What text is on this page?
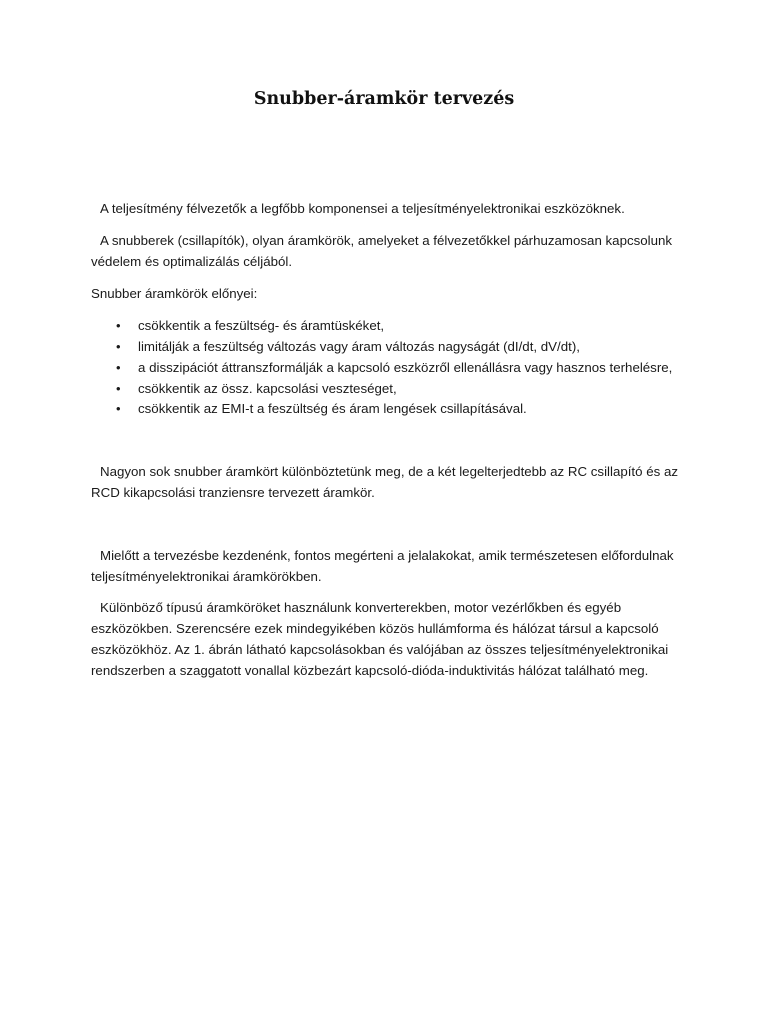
Snubber-áramkör tervezés

A teljesítmény félvezetők a legfőbb komponensei a teljesítményelektronikai eszközöknek.

A snubberek (csillapítók), olyan áramkörök, amelyeket a félvezetőkkel párhuzamosan kapcsolunk védelem és optimalizálás céljából.

Snubber áramkörök előnyei:

• csökkentik a feszültség- és áramtüskéket,
• limitálják a feszültség változás vagy áram változás nagyságát (dI/dt, dV/dt),
• a disszipációt áttranszformálják a kapcsoló eszközről ellenállásra vagy hasznos terhelésre,
• csökkentik az össz. kapcsolási veszteséget,
• csökkentik az EMI-t a feszültség és áram lengések csillapításával.

Nagyon sok snubber áramkört különböztetünk meg, de a két legelterjedtebb az RC csillapító és az RCD kikapcsolási tranziensre tervezett áramkör.

Mielőtt a tervezésbe kezdenénk, fontos megérteni a jelalakokat, amik természetesen előfordulnak teljesítményelektronikai áramkörökben.

Különböző típusú áramköröket használunk konverterekben, motor vezérlőkben és egyéb eszközökben. Szerencsére ezek mindegyikében közös hullámforma és hálózat társul a kapcsoló eszközökhöz. Az 1. ábrán látható kapcsolásokban és valójában az összes teljesítményelektronikai rendszerben a szaggatott vonallal közbezárt kapcsoló-dióda-induktivitás hálózat található meg.
